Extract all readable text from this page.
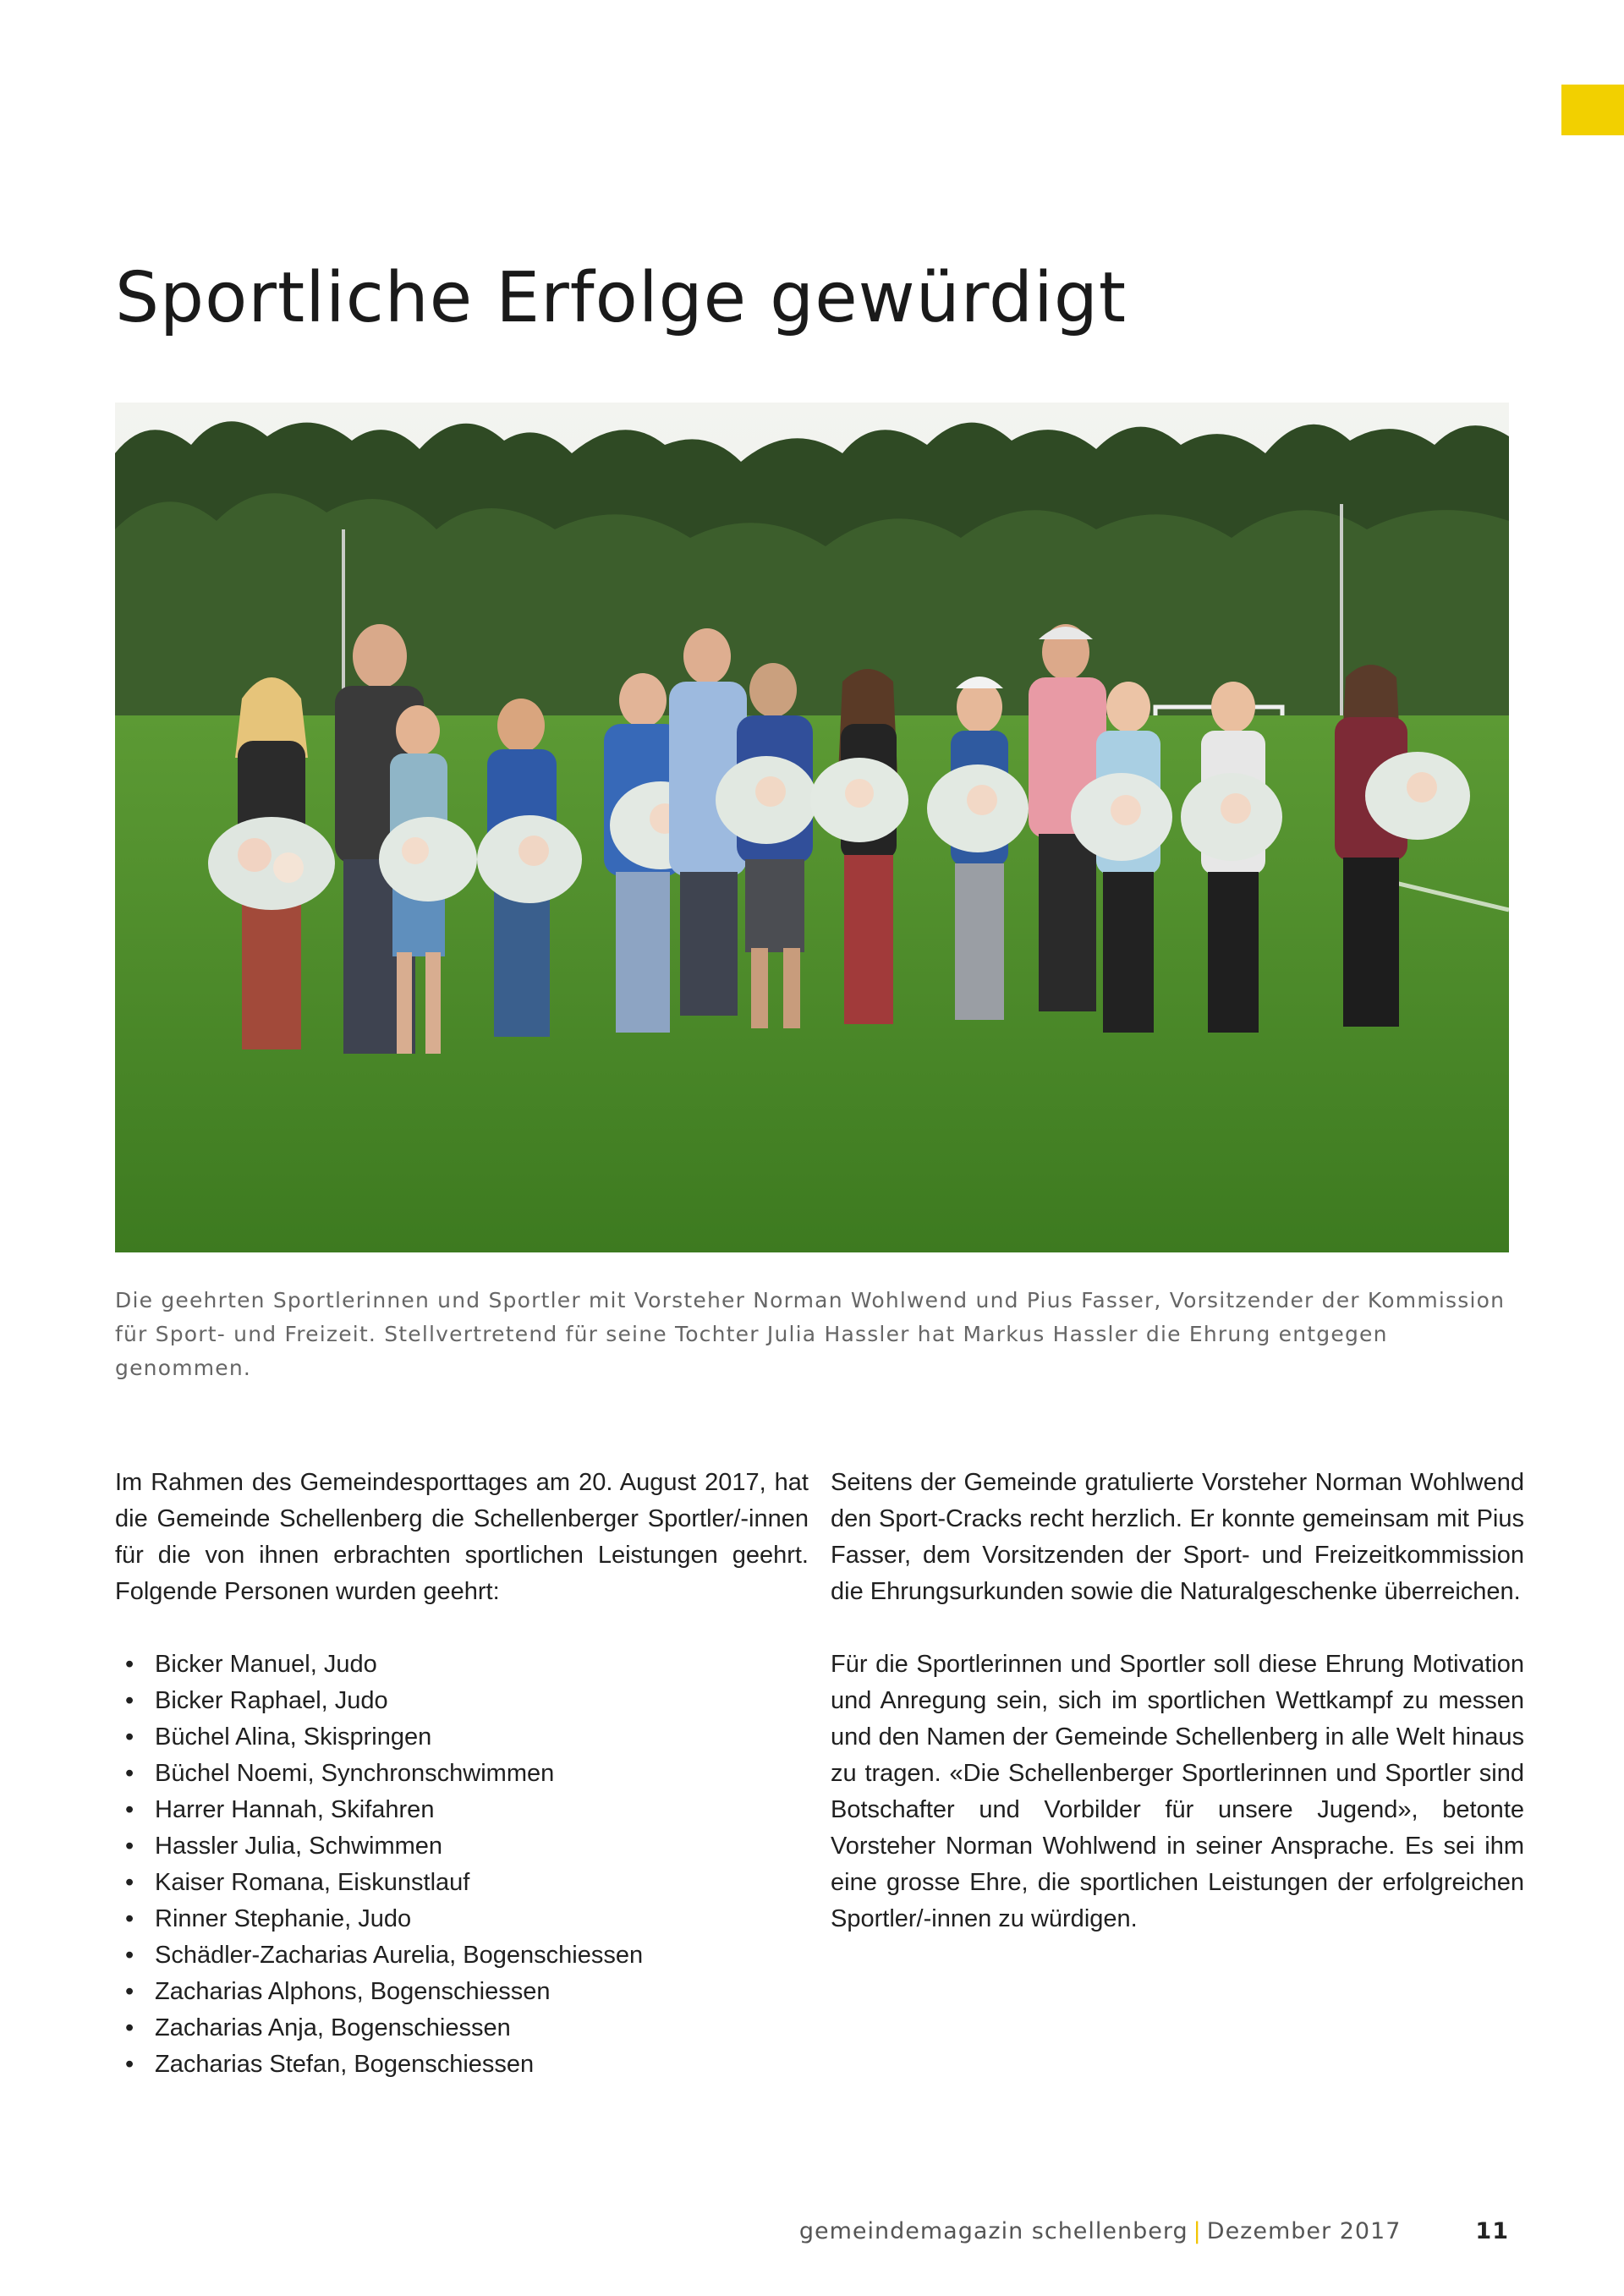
Sportliche Erfolge gewürdigt

Die geehrten Sportlerinnen und Sportler mit Vorsteher Norman Wohlwend und Pius Fasser, Vorsitzender der Kommission für Sport- und Freizeit. Stellvertretend für seine Tochter Julia Hassler hat Markus Hassler die Ehrung entgegen genommen.

Im Rahmen des Gemeindesporttages am 20. August 2017, hat die Gemeinde Schellenberg die Schellenberger Sportler/-innen für die von ihnen erbrachten sportlichen Leistungen geehrt. Folgende Personen wurden geehrt:

• Bicker Manuel, Judo
• Bicker Raphael, Judo
• Büchel Alina, Skispringen
• Büchel Noemi, Synchronschwimmen
• Harrer Hannah, Skifahren
• Hassler Julia, Schwimmen
• Kaiser Romana, Eiskunstlauf
• Rinner Stephanie, Judo
• Schädler-Zacharias Aurelia, Bogenschiessen
• Zacharias Alphons, Bogenschiessen
• Zacharias Anja, Bogenschiessen
• Zacharias Stefan, Bogenschiessen

Seitens der Gemeinde gratulierte Vorsteher Norman Wohlwend den Sport-Cracks recht herzlich. Er konnte gemeinsam mit Pius Fasser, dem Vorsitzenden der Sport- und Freizeitkommission die Ehrungsurkunden sowie die Naturalgeschenke überreichen.

Für die Sportlerinnen und Sportler soll diese Ehrung Motivation und Anregung sein, sich im sportlichen Wettkampf zu messen und den Namen der Gemeinde Schellenberg in alle Welt hinaus zu tragen. «Die Schellenberger Sportlerinnen und Sportler sind Botschafter und Vorbilder für unsere Jugend», betonte Vorsteher Norman Wohlwend in seiner Ansprache. Es sei ihm eine grosse Ehre, die sportlichen Leistungen der erfolgreichen Sportler/-innen zu würdigen.

gemeindemagazin schellenberg | Dezember 2017	11
